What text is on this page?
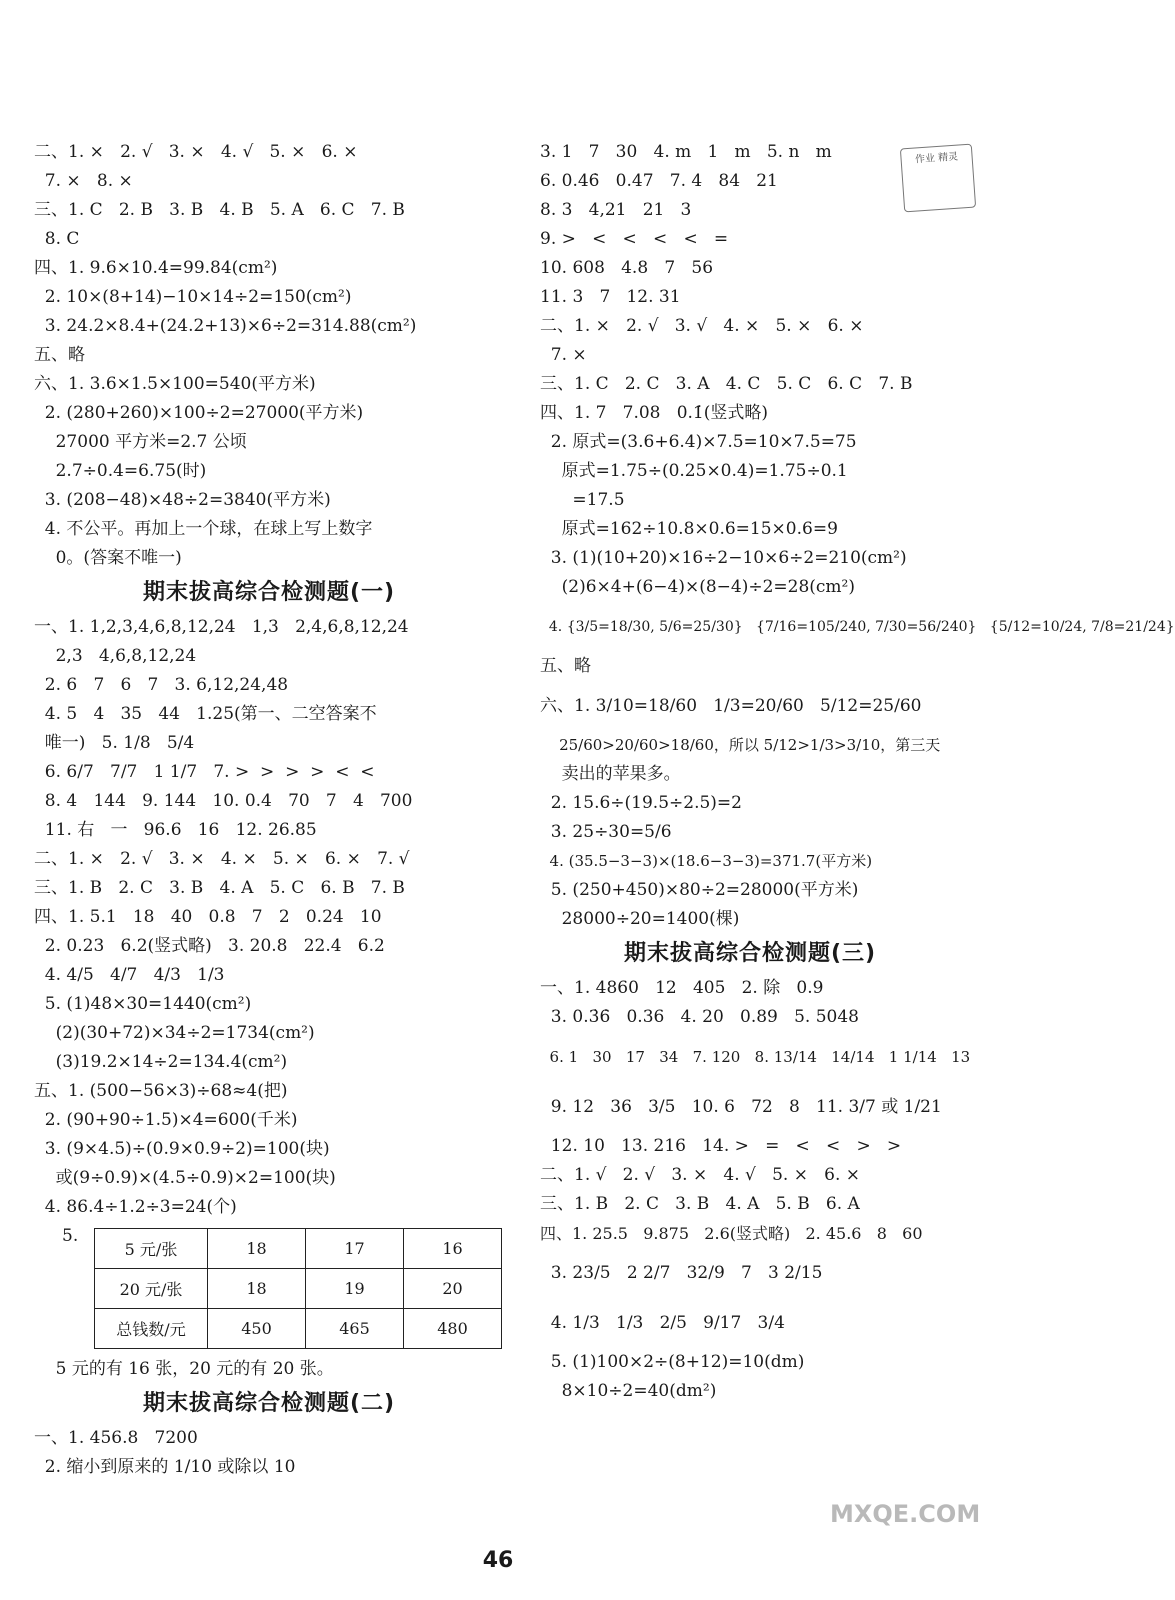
二、1. ×   2. √   3. ×   4. √   5. ×   6. ×
7. ×   8. ×
三、1. C   2. B   3. B   4. B   5. A   6. C   7. B
8. C
四、1. 9.6×10.4=99.84(cm²)
2. 10×(8+14)−10×14÷2=150(cm²)
3. 24.2×8.4+(24.2+13)×6÷2=314.88(cm²)
五、略
六、1. 3.6×1.5×100=540(平方米)
2. (280+260)×100÷2=27000(平方米)
27000 平方米=2.7 公顷
2.7÷0.4=6.75(时)
3. (208−48)×48÷2=3840(平方米)
4. 不公平。再加上一个球，在球上写上数字
0。(答案不唯一)
期末拔高综合检测题(一)
一、1. 1,2,3,4,6,8,12,24   1,3   2,4,6,8,12,24
2,3   4,6,8,12,24
2. 6   7   6   7   3. 6,12,24,48
4. 5   4   35   44   1.25(第一、二空答案不
唯一)   5. 1/8   5/4
6. 6/7   7/7   1 1/7   7. >  >  >  >  <  <
8. 4   144   9. 144   10. 0.4   70   7   4   700
11. 右   一   96.6   16   12. 26.85
二、1. ×   2. √   3. ×   4. ×   5. ×   6. ×   7. √
三、1. B   2. C   3. B   4. A   5. C   6. B   7. B
四、1. 5.1   18   40   0.8   7   2   0.24   10
2. 0.23   6.2(竖式略)   3. 20.8   22.4   6.2
4. 4/5   4/7   4/3   1/3
5. (1)48×30=1440(cm²)
(2)(30+72)×34÷2=1734(cm²)
(3)19.2×14÷2=134.4(cm²)
五、1. (500−56×3)÷68≈4(把)
2. (90+90÷1.5)×4=600(千米)
3. (9×4.5)÷(0.9×0.9÷2)=100(块)
或(9÷0.9)×(4.5÷0.9)×2=100(块)
4. 86.4÷1.2÷3=24(个)
5.
5 元/张	18	17	16
20 元/张	18	19	20
总钱数/元	450	465	480
5 元的有 16 张，20 元的有 20 张。
期末拔高综合检测题(二)
一、1. 456.8   7200
2. 缩小到原来的 1/10 或除以 10
3. 1   7   30   4. m   1   m   5. n   m
6. 0.46̇   0.47   7. 4   84   21
8. 3   4,21   21   3
9. >   <   <   <   <   =
10. 608   4.8   7   56
11. 3   7   12. 31
二、1. ×   2. √   3. √   4. ×   5. ×   6. ×
7. ×
三、1. C   2. C   3. A   4. C   5. C   6. C   7. B
四、1. 7   7.08   0.1̇(竖式略)
2. 原式=(3.6+6.4)×7.5=10×7.5=75
原式=1.75÷(0.25×0.4)=1.75÷0.1
=17.5
原式=162÷10.8×0.6=15×0.6=9
3. (1)(10+20)×16÷2−10×6÷2=210(cm²)
(2)6×4+(6−4)×(8−4)÷2=28(cm²)
4. {3/5=18/30, 5/6=25/30}   {7/16=105/240, 7/30=56/240}   {5/12=10/24, 7/8=21/24}
五、略
六、1. 3/10=18/60   1/3=20/60   5/12=25/60
25/60>20/60>18/60，所以 5/12>1/3>3/10，第三天
卖出的苹果多。
2. 15.6÷(19.5÷2.5)=2
3. 25÷30=5/6
4. (35.5−3−3)×(18.6−3−3)=371.7(平方米)
5. (250+450)×80÷2=28000(平方米)
28000÷20=1400(棵)
期末拔高综合检测题(三)
一、1. 4860   12   405   2. 除   0.9
3. 0.3̇6̇   0.36   4. 20   0.89   5. 5048
6. 1   30   17   34   7. 120   8. 13/14   14/14   1 1/14   13
9. 12   36   3/5   10. 6   72   8   11. 3/7 或 1/21
12. 10   13. 216   14. >   =   <   <   >   >
二、1. √   2. √   3. ×   4. √   5. ×   6. ×
三、1. B   2. C   3. B   4. A   5. B   6. A
四、1. 25.5   9.875   2.6(竖式略)   2. 45.6   8   60
3. 23/5   2 2/7   32/9   7   3 2/15
4. 1/3   1/3   2/5   9/17   3/4
5. (1)100×2÷(8+12)=10(dm)
8×10÷2=40(dm²)
作业 精灵
MXQE.COM
46
